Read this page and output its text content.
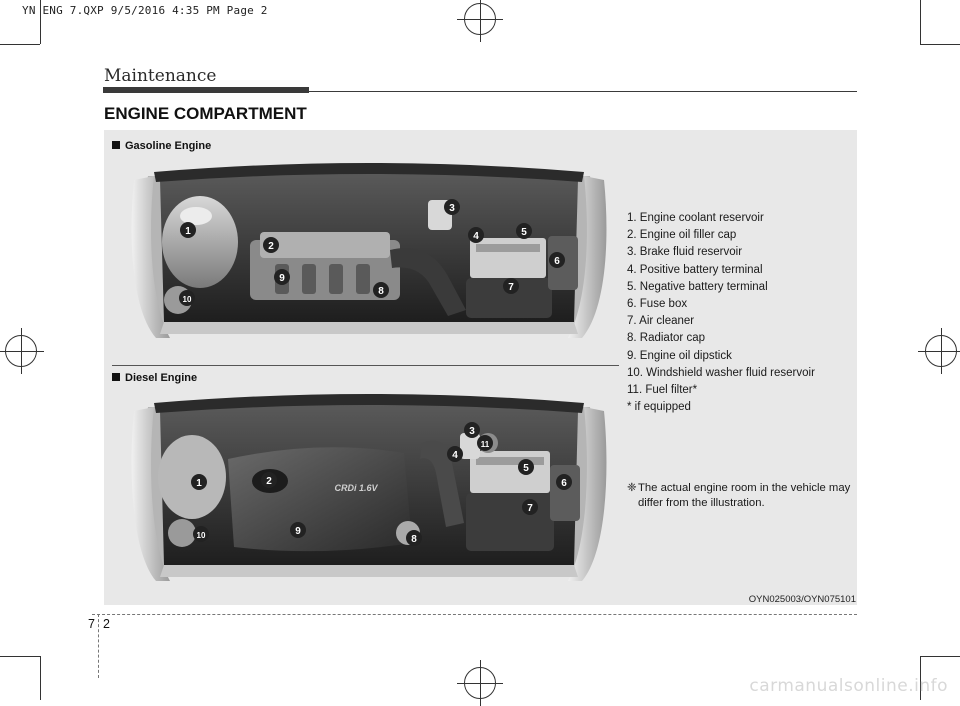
YN ENG 7.QXP 9/5/2016 4:35 PM Page 2
Maintenance
ENGINE COMPARTMENT
Gasoline Engine
1
2
3
4	5
6
7
8
9
10
Diesel Engine
CRDi 1.6V
1	2
3
4
5
6
7
8
9
10
11
1. Engine coolant reservoir
2. Engine oil filler cap
3. Brake fluid reservoir
4. Positive battery terminal
5. Negative battery terminal
6. Fuse box
7. Air cleaner
8. Radiator cap
9. Engine oil dipstick
10. Windshield washer fluid reservoir
11. Fuel filter*
* if equipped
❈ The actual engine room in the vehicle may differ from the illustration.
OYN025003/OYN075101
7 2
carmanualsonline.info
